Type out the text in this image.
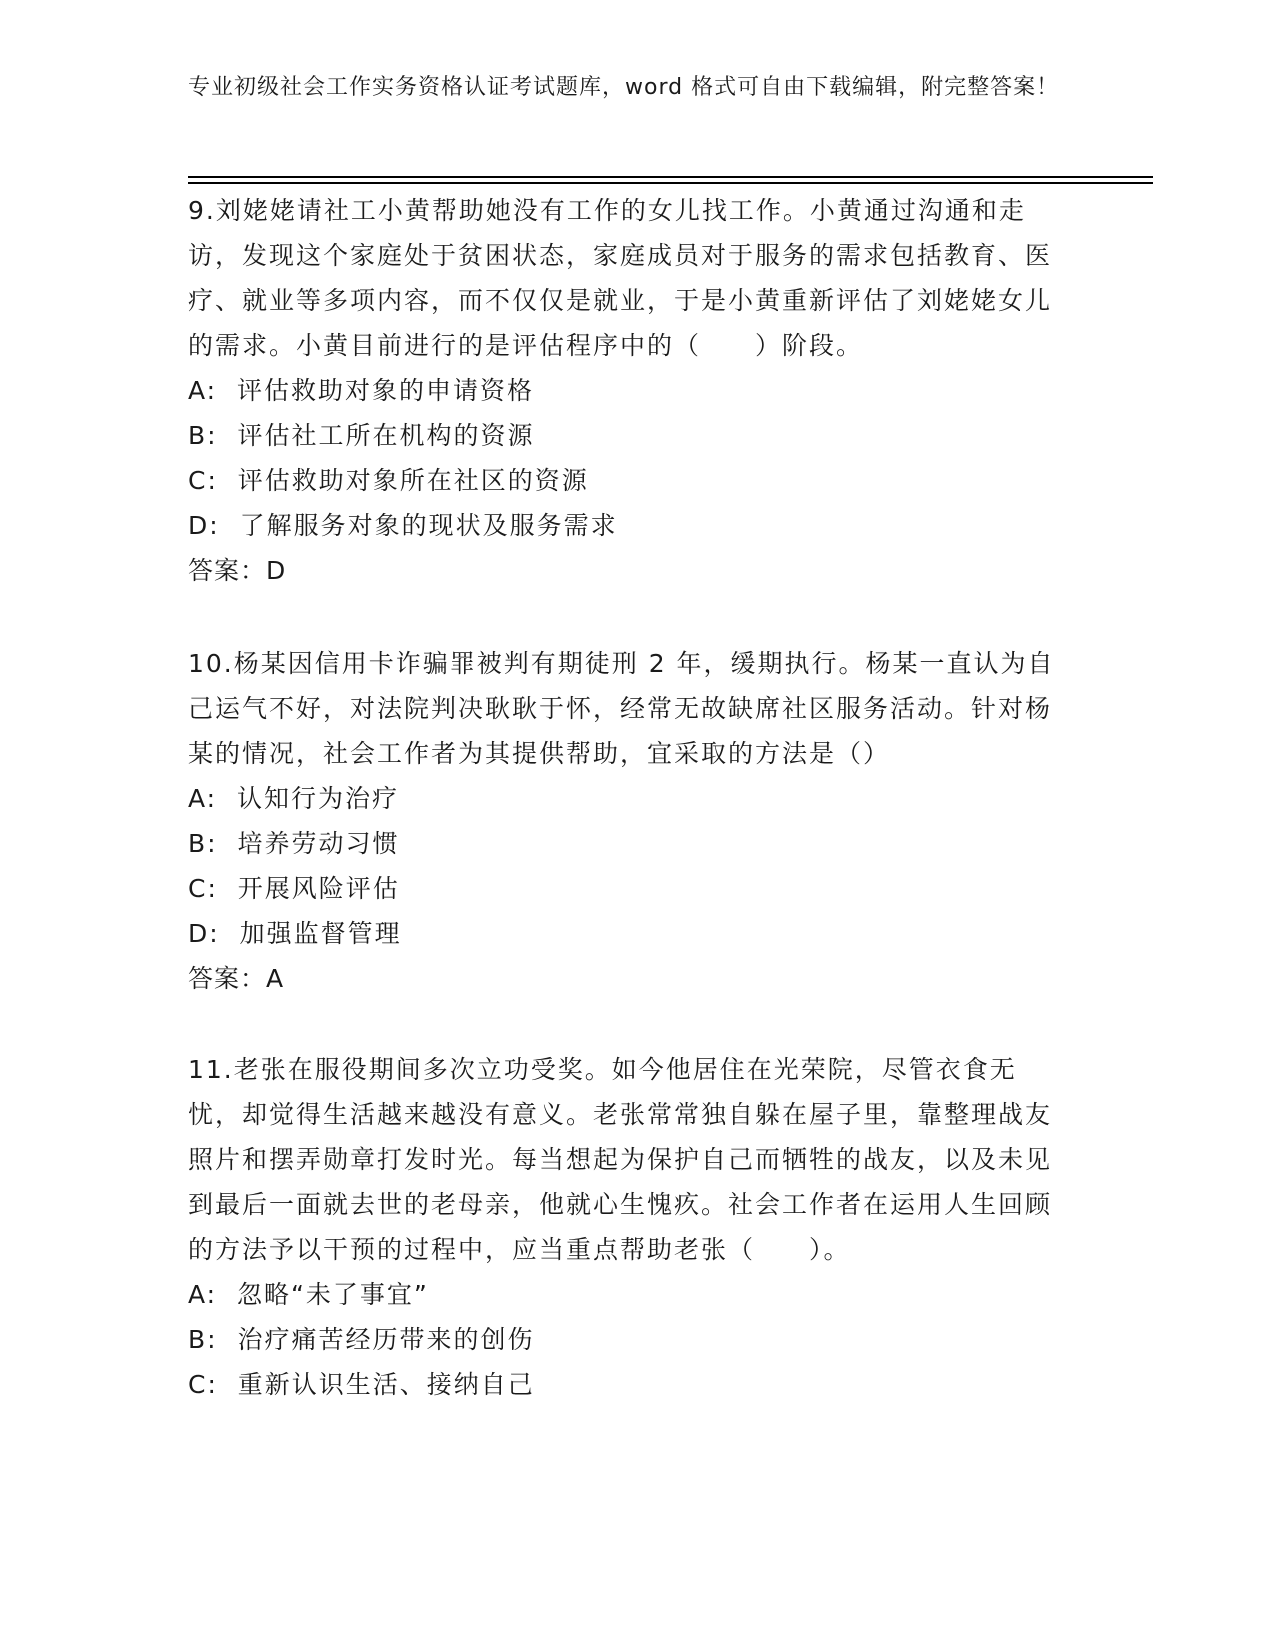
专业初级社会工作实务资格认证考试题库，word 格式可自由下载编辑，附完整答案！

9.刘姥姥请社工小黄帮助她没有工作的女儿找工作。小黄通过沟通和走访，发现这个家庭处于贫困状态，家庭成员对于服务的需求包括教育、医疗、就业等多项内容，而不仅仅是就业，于是小黄重新评估了刘姥姥女儿的需求。小黄目前进行的是评估程序中的（　　）阶段。

A:  评估救助对象的申请资格

B:  评估社工所在机构的资源

C:  评估救助对象所在社区的资源

D:  了解服务对象的现状及服务需求

答案：D

10.杨某因信用卡诈骗罪被判有期徒刑 2 年，缓期执行。杨某一直认为自己运气不好，对法院判决耿耿于怀，经常无故缺席社区服务活动。针对杨某的情况，社会工作者为其提供帮助，宜采取的方法是（）

A:  认知行为治疗

B:  培养劳动习惯

C:  开展风险评估

D:  加强监督管理

答案：A

11.老张在服役期间多次立功受奖。如今他居住在光荣院，尽管衣食无忧，却觉得生活越来越没有意义。老张常常独自躲在屋子里，靠整理战友照片和摆弄勋章打发时光。每当想起为保护自己而牺牲的战友，以及未见到最后一面就去世的老母亲，他就心生愧疚。社会工作者在运用人生回顾的方法予以干预的过程中，应当重点帮助老张（　　）。

A:  忽略“未了事宜”

B:  治疗痛苦经历带来的创伤

C:  重新认识生活、接纳自己
